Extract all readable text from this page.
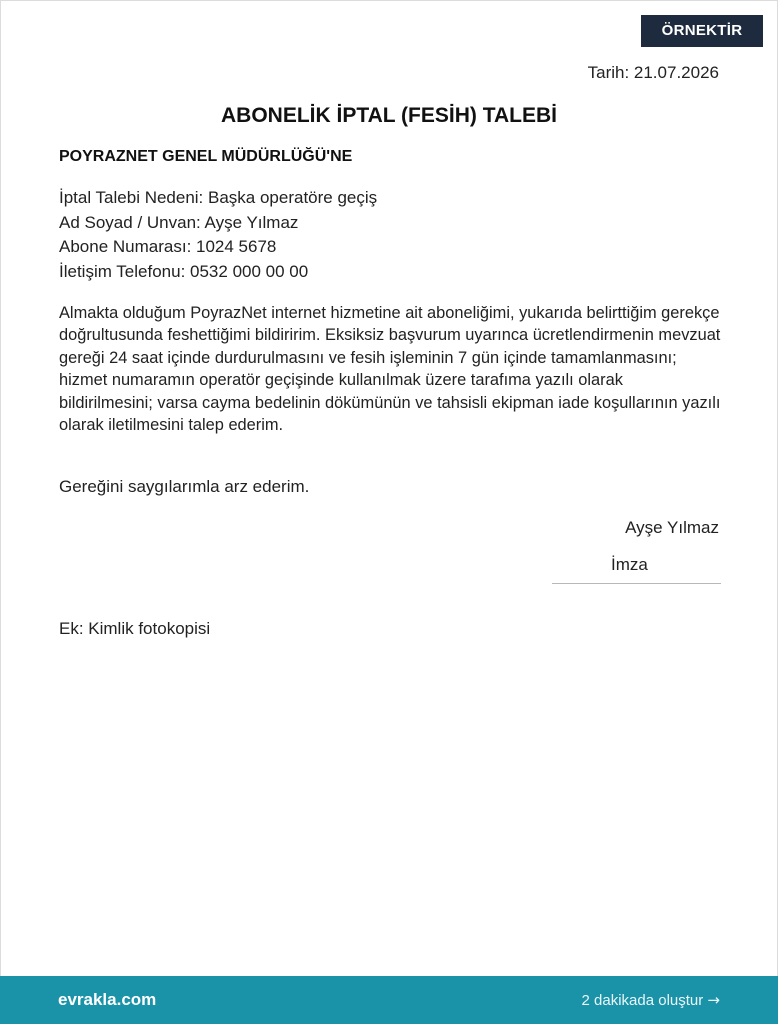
ÖRNEKTİR
Tarih: 21.07.2026
ABONELİK İPTAL (FESİH) TALEBİ
POYRAZNET GENEL MÜDÜRLÜĞÜ'NE
İptal Talebi Nedeni: Başka operatöre geçiş
Ad Soyad / Unvan: Ayşe Yılmaz
Abone Numarası: 1024 5678
İletişim Telefonu: 0532 000 00 00
Almakta olduğum PoyrazNet internet hizmetine ait aboneliğimi, yukarıda belirttiğim gerekçe doğrultusunda feshettiğimi bildiririm. Eksiksiz başvurum uyarınca ücretlendirmenin mevzuat gereği 24 saat içinde durdurulmasını ve fesih işleminin 7 gün içinde tamamlanmasını; hizmet numaramın operatör geçişinde kullanılmak üzere tarafıma yazılı olarak bildirilmesini; varsa cayma bedelinin dökümünün ve tahsisli ekipman iade koşullarının yazılı olarak iletilmesini talep ederim.
Gereğini saygılarımla arz ederim.
Ayşe Yılmaz
İmza
Ek: Kimlik fotokopisi
evrakla.com	2 dakikada oluştur →
